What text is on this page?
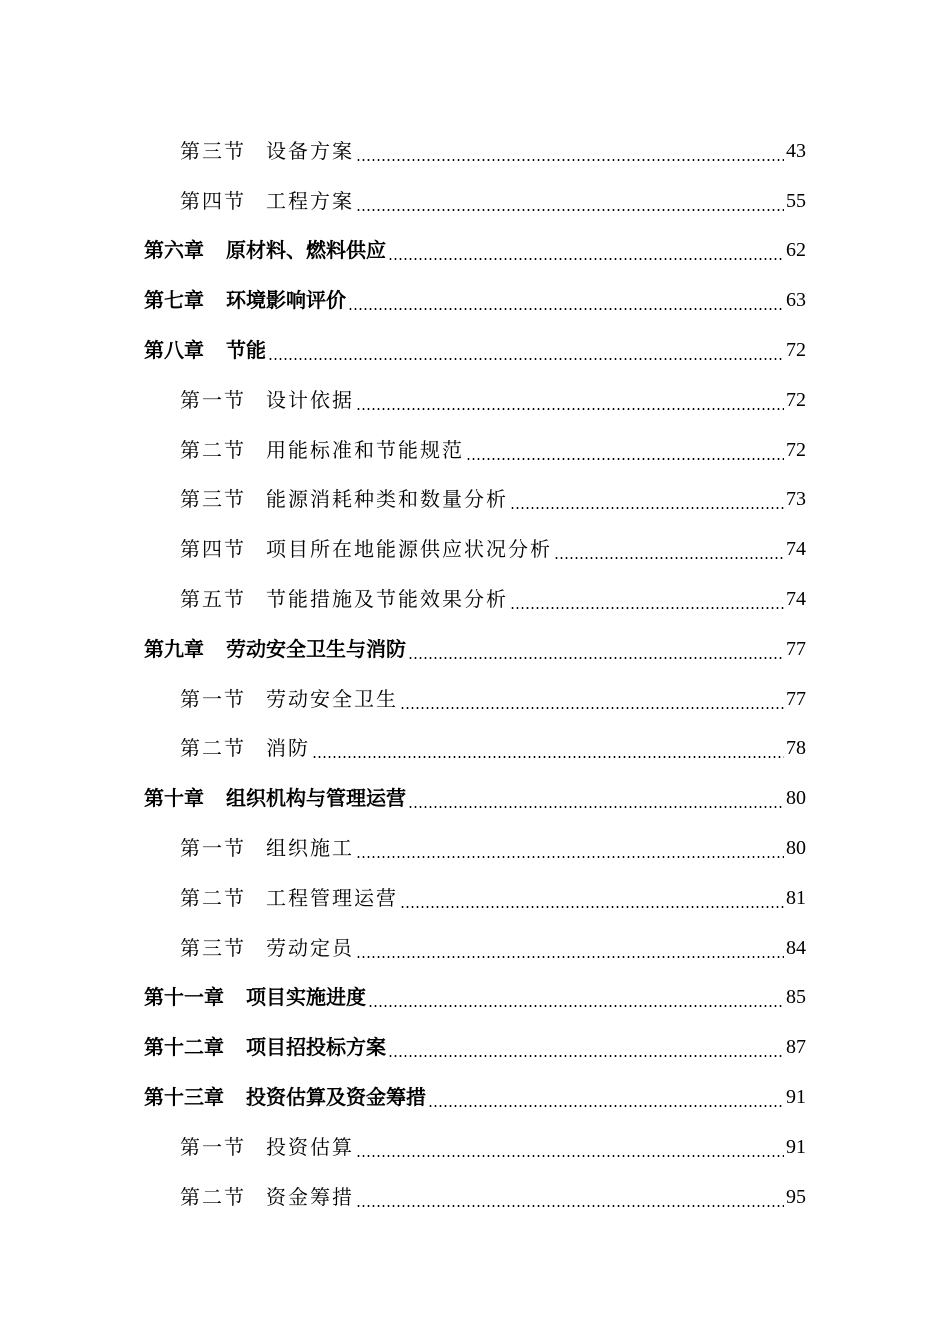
第三节 设备方案	43
第四节 工程方案	55
第六章 原材料、燃料供应	62
第七章 环境影响评价	63
第八章 节能	72
第一节 设计依据	72
第二节 用能标准和节能规范	72
第三节 能源消耗种类和数量分析	73
第四节 项目所在地能源供应状况分析	74
第五节 节能措施及节能效果分析	74
第九章 劳动安全卫生与消防	77
第一节 劳动安全卫生	77
第二节 消防	78
第十章 组织机构与管理运营	80
第一节 组织施工	80
第二节 工程管理运营	81
第三节 劳动定员	84
第十一章 项目实施进度	85
第十二章 项目招投标方案	87
第十三章 投资估算及资金筹措	91
第一节 投资估算	91
第二节 资金筹措	95
